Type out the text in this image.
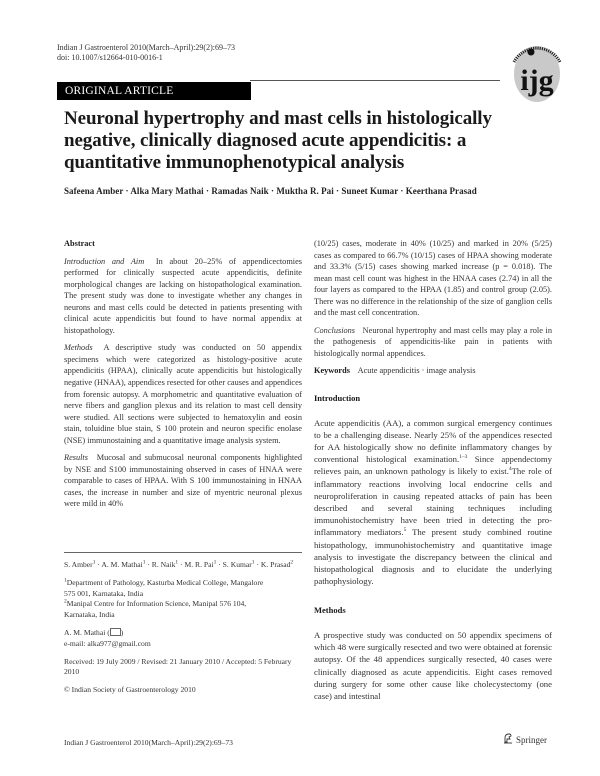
Indian J Gastroenterol 2010(March–April):29(2):69–73
doi: 10.1007/s12664-010-0016-1
ORIGINAL ARTICLE	ijg
Neuronal hypertrophy and mast cells in histologically negative, clinically diagnosed acute appendicitis: a quantitative immunophenotypical analysis
Safeena Amber · Alka Mary Mathai · Ramadas Naik · Muktha R. Pai · Suneet Kumar · Keerthana Prasad
Abstract

Introduction and Aim In about 20–25% of appendicectomies performed for clinically suspected acute appendicitis, definite morphological changes are lacking on histopathological examination. The present study was done to investigate whether any changes in neurons and mast cells could be detected in patients presenting with clinical acute appendicitis but found to have normal appendix at histopathology.

Methods A descriptive study was conducted on 50 appendix specimens which were categorized as histology-positive acute appendicitis (HPAA), clinically acute appendicitis but histologically negative (HNAA), appendices resected for other causes and appendices from forensic autopsy. A morphometric and quantitative evaluation of nerve fibers and ganglion plexus and its relation to mast cell density were studied. All sections were subjected to hematoxylin and eosin stain, toluidine blue stain, S 100 protein and neuron specific enolase (NSE) immunostaining and a quantitative image analysis system.

Results Mucosal and submucosal neuronal components highlighted by NSE and S100 immunostaining observed in cases of HNAA were comparable to cases of HPAA. With S 100 immunostaining in HNAA cases, the increase in number and size of myentric neuronal plexus were mild in 40%

S. Amber$^1$ · A. M. Mathai$^1$ · R. Naik$^1$ · M. R. Pai$^1$ · S. Kumar$^1$ · K. Prasad$^2$

$^1$Department of Pathology, Kasturba Medical College, Mangalore 575 001, Karnataka, India
$^2$Manipal Centre for Information Science, Manipal 576 104, Karnataka, India

A. M. Mathai ( )
e-mail: alka977@gmail.com

Received: 19 July 2009 / Revised: 21 January 2010 / Accepted: 5 February 2010

© Indian Society of Gastroenterology 2010

(10/25) cases, moderate in 40% (10/25) and marked in 20% (5/25) cases as compared to 66.7% (10/15) cases of HPAA showing moderate and 33.3% (5/15) cases showing marked increase (p = 0.018). The mean mast cell count was highest in the HNAA cases (2.74) in all the four layers as compared to the HPAA (1.85) and control group (2.05). There was no difference in the relationship of the size of ganglion cells and the mast cell concentration.

Conclusions Neuronal hypertrophy and mast cells may play a role in the pathogenesis of appendicitis-like pain in patients with histologically normal appendices.

Keywords Acute appendicitis · image analysis

Introduction

Acute appendicitis (AA), a common surgical emergency continues to be a challenging disease. Nearly 25% of the appendices resected for AA histologically show no definite inflammatory changes by conventional histological examination.$^{1-3}$ Since appendectomy relieves pain, an unknown pathology is likely to exist.$^4$The role of inflammatory reactions involving local endocrine cells and neuroproliferation in causing repeated attacks of pain has been described and several staining techniques including immunohistochemistry have been tried in detecting the pro-inflammatory mediators.$^5$ The present study combined routine histopathology, immunohistochemistry and quantitative image analysis to investigate the discrepancy between the clinical and histopathological diagnosis and to elucidate the underlying pathophysiology.

Methods

A prospective study was conducted on 50 appendix specimens of which 48 were surgically resected and two were obtained at forensic autopsy. Of the 48 appendices surgically resected, 40 cases were clinically diagnosed as acute appendicitis. Eight cases removed during surgery for some other cause like cholecystectomy (one case) and intestinal

Indian J Gastroenterol 2010(March–April):29(2):69–73	Springer
